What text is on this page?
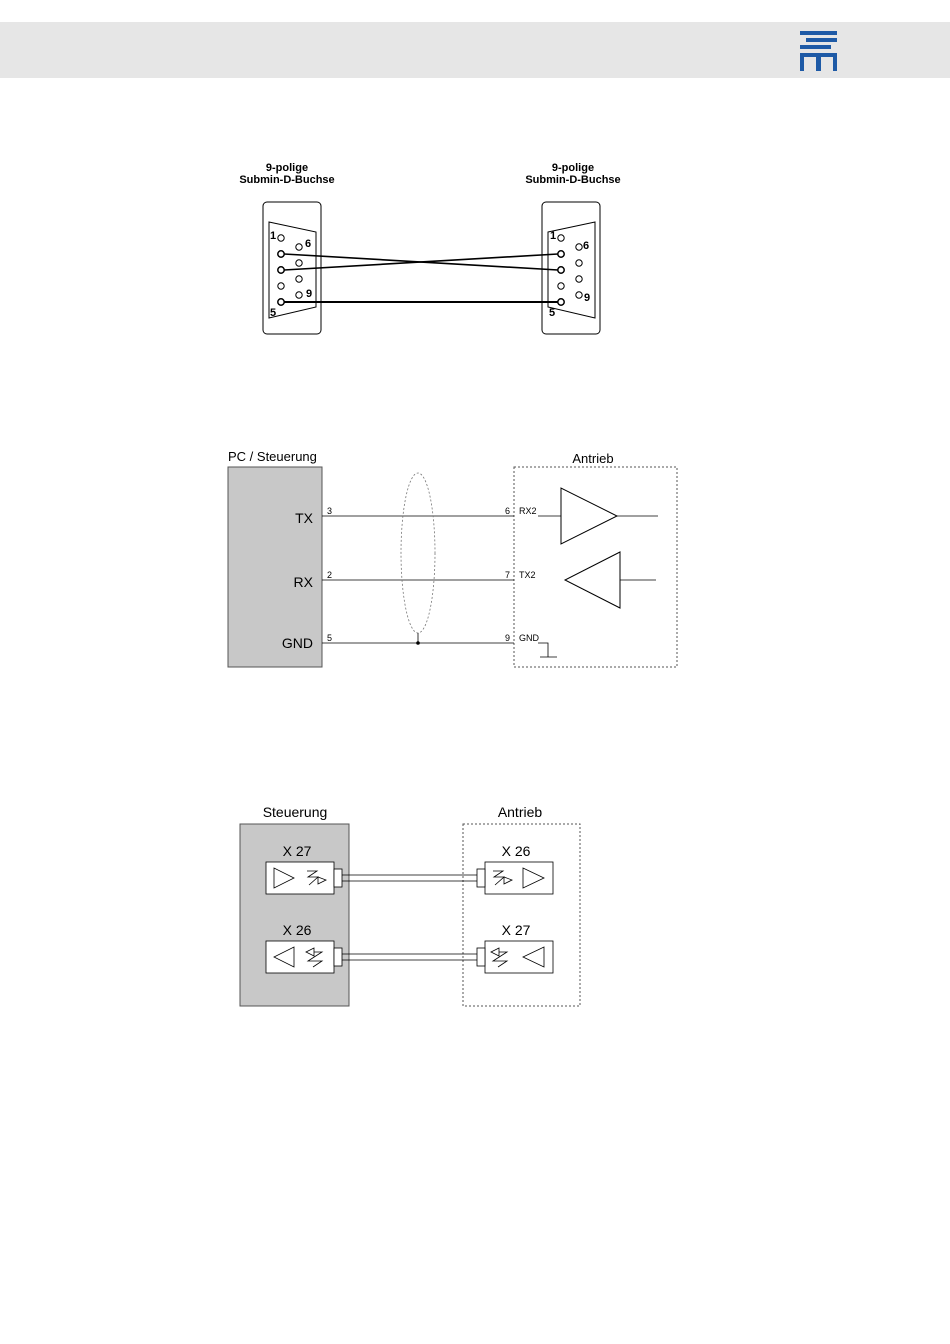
9-polige
Submin-D-Buchse
9-polige
Submin-D-Buchse
1
6
9
5
1
6
9
5
PC / Steuerung	Antrieb
TX
RX
GND
3
2
5
6
7
9
RX2
TX2
GND
Steuerung	Antrieb
X 27
X 26
X 26
X 27
